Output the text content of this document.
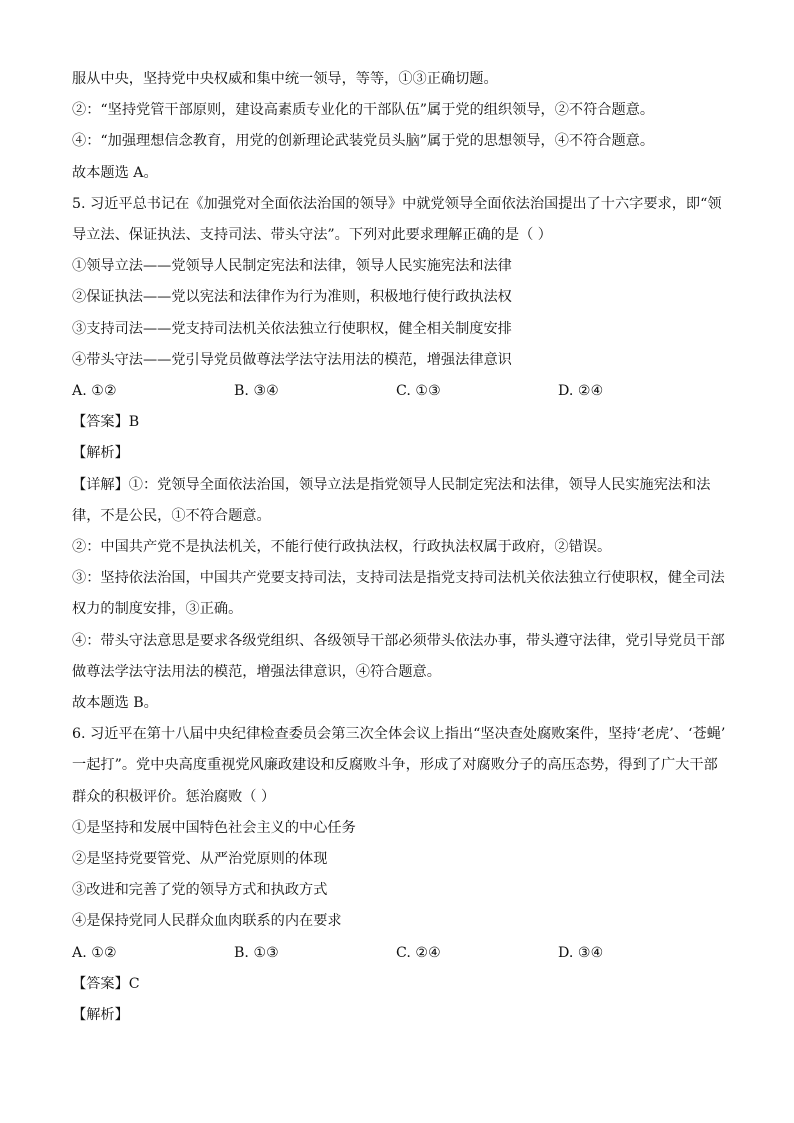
服从中央，坚持党中央权威和集中统一领导，等等，①③正确切题。
②：“坚持党管干部原则，建设高素质专业化的干部队伍”属于党的组织领导，②不符合题意。
④：“加强理想信念教育，用党的创新理论武装党员头脑”属于党的思想领导，④不符合题意。
故本题选 A。
5. 习近平总书记在《加强党对全面依法治国的领导》中就党领导全面依法治国提出了十六字要求，即“领
导立法、保证执法、支持司法、带头守法”。下列对此要求理解正确的是（ ）
①领导立法——党领导人民制定宪法和法律，领导人民实施宪法和法律
②保证执法——党以宪法和法律作为行为准则，积极地行使行政执法权
③支持司法——党支持司法机关依法独立行使职权，健全相关制度安排
④带头守法——党引导党员做尊法学法守法用法的模范，增强法律意识
A. ①②	B. ③④	C. ①③	D. ②④
【答案】B
【解析】
【详解】①：党领导全面依法治国，领导立法是指党领导人民制定宪法和法律，领导人民实施宪法和法
律，不是公民，①不符合题意。
②：中国共产党不是执法机关，不能行使行政执法权，行政执法权属于政府，②错误。
③：坚持依法治国，中国共产党要支持司法，支持司法是指党支持司法机关依法独立行使职权，健全司法
权力的制度安排，③正确。
④：带头守法意思是要求各级党组织、各级领导干部必须带头依法办事，带头遵守法律，党引导党员干部
做尊法学法守法用法的模范，增强法律意识，④符合题意。
故本题选 B。
6. 习近平在第十八届中央纪律检查委员会第三次全体会议上指出“坚决查处腐败案件，坚持‘老虎’、‘苍蝇’
一起打”。党中央高度重视党风廉政建设和反腐败斗争，形成了对腐败分子的高压态势，得到了广大干部
群众的积极评价。惩治腐败（ ）
①是坚持和发展中国特色社会主义的中心任务
②是坚持党要管党、从严治党原则的体现
③改进和完善了党的领导方式和执政方式
④是保持党同人民群众血肉联系的内在要求
A. ①②	B. ①③	C. ②④	D. ③④
【答案】C
【解析】
